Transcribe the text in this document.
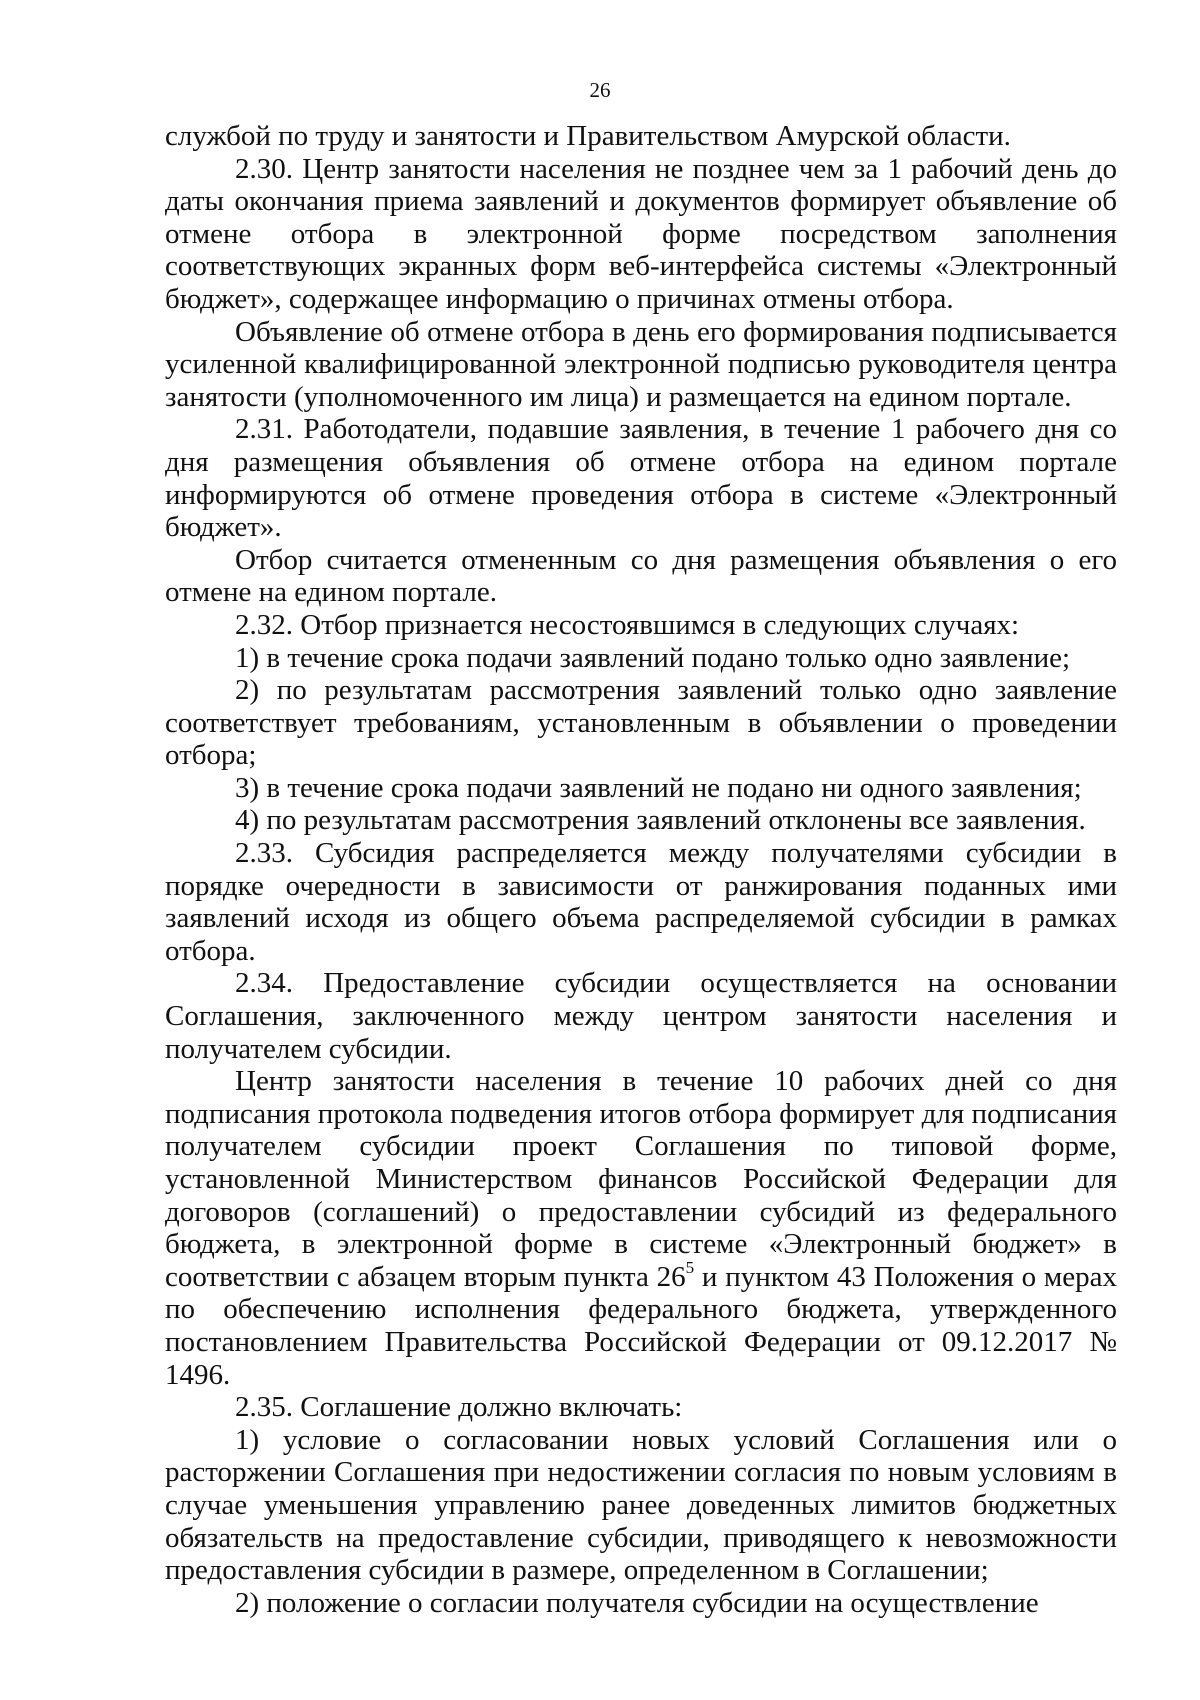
26

службой по труду и занятости и Правительством Амурской области.

2.30. Центр занятости населения не позднее чем за 1 рабочий день до даты окончания приема заявлений и документов формирует объявление об отмене отбора в электронной форме посредством заполнения соответствующих экранных форм веб-интерфейса системы «Электронный бюджет», содержащее информацию о причинах отмены отбора.

Объявление об отмене отбора в день его формирования подписывается усиленной квалифицированной электронной подписью руководителя центра занятости (уполномоченного им лица) и размещается на едином портале.

2.31. Работодатели, подавшие заявления, в течение 1 рабочего дня со дня размещения объявления об отмене отбора на едином портале информируются об отмене проведения отбора в системе «Электронный бюджет».

Отбор считается отмененным со дня размещения объявления о его отмене на едином портале.

2.32. Отбор признается несостоявшимся в следующих случаях:

1) в течение срока подачи заявлений подано только одно заявление;

2) по результатам рассмотрения заявлений только одно заявление соответствует требованиям, установленным в объявлении о проведении отбора;

3) в течение срока подачи заявлений не подано ни одного заявления;

4) по результатам рассмотрения заявлений отклонены все заявления.

2.33. Субсидия распределяется между получателями субсидии в порядке очередности в зависимости от ранжирования поданных ими заявлений исходя из общего объема распределяемой субсидии в рамках отбора.

2.34. Предоставление субсидии осуществляется на основании Соглашения, заключенного между центром занятости населения и получателем субсидии.

Центр занятости населения в течение 10 рабочих дней со дня подписания протокола подведения итогов отбора формирует для подписания получателем субсидии проект Соглашения по типовой форме, установленной Министерством финансов Российской Федерации для договоров (соглашений) о предоставлении субсидий из федерального бюджета, в электронной форме в системе «Электронный бюджет» в соответствии с абзацем вторым пункта $26^5$ и пунктом 43 Положения о мерах по обеспечению исполнения федерального бюджета, утвержденного постановлением Правительства Российской Федерации от 09.12.2017 № 1496.

2.35. Соглашение должно включать:

1) условие о согласовании новых условий Соглашения или о расторжении Соглашения при недостижении согласия по новым условиям в случае уменьшения управлению ранее доведенных лимитов бюджетных обязательств на предоставление субсидии, приводящего к невозможности предоставления субсидии в размере, определенном в Соглашении;

2) положение о согласии получателя субсидии на осуществление
